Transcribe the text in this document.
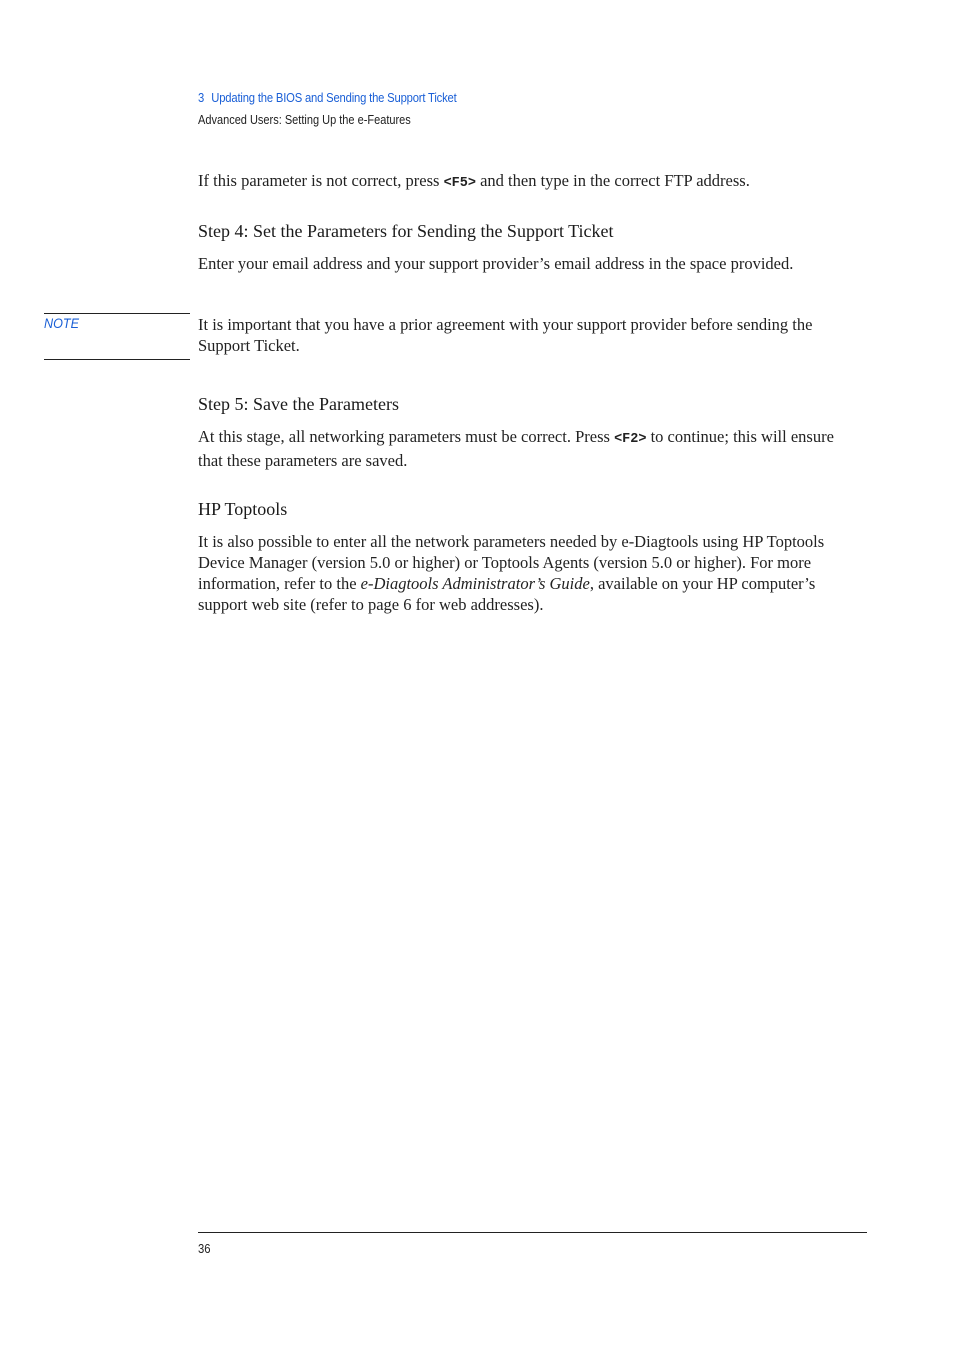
3 Updating the BIOS and Sending the Support Ticket
Advanced Users: Setting Up the e-Features
If this parameter is not correct, press <F5> and then type in the correct FTP address.
Step 4: Set the Parameters for Sending the Support Ticket
Enter your email address and your support provider’s email address in the space provided.
NOTE	It is important that you have a prior agreement with your support provider before sending the Support Ticket.
Step 5: Save the Parameters
At this stage, all networking parameters must be correct. Press <F2> to continue; this will ensure that these parameters are saved.
HP Toptools
It is also possible to enter all the network parameters needed by e-Diagtools using HP Toptools Device Manager (version 5.0 or higher) or Toptools Agents (version 5.0 or higher). For more information, refer to the e-Diagtools Administrator’s Guide, available on your HP computer’s support web site (refer to page 6 for web addresses).
36
